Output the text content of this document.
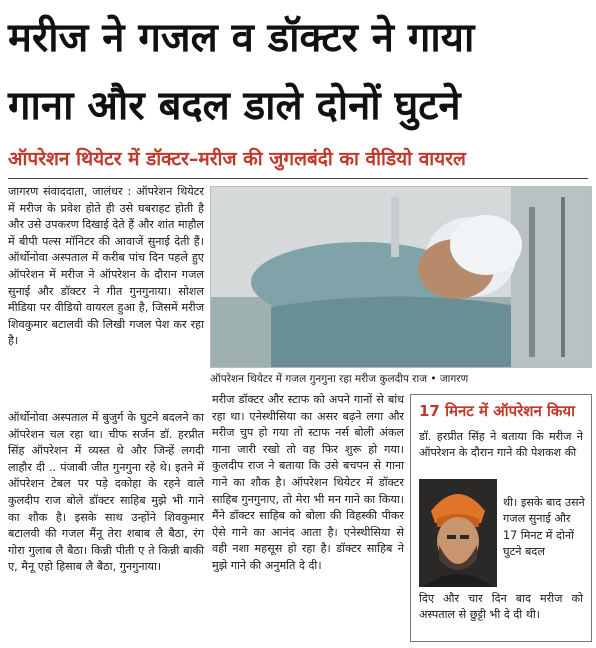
मरीज ने गजल व डॉक्टर ने गाया
गाना और बदल डाले दोनों घुटने
ऑपरेशन थियेटर में डॉक्टर–मरीज की जुगलबंदी का वीडियो वायरल
जागरण संवाददाता, जालंधर : ऑपरेशन थियेटर में मरीज के प्रवेश होते ही उसे घबराहट होती है और उसे उपकरण दिखाई देते हैं और शांत माहौल में बीपी पल्स मॉनिटर की आवाजें सुनाई देती हैं। ऑर्थोनोवा अस्पताल में करीब पांच दिन पहले हुए ऑपरेशन में मरीज ने ऑपरेशन के दौरान गजल सुनाई और डॉक्टर ने गीत गुनगुनाया। सोशल मीडिया पर वीडियो वायरल हुआ है, जिसमें मरीज शिवकुमार बटालवी की लिखी गजल पेश कर रहा है।
ऑपरेशन थियेटर में गजल गुनगुना रहा मरीज कुलदीप राज • जागरण
ऑर्थोनोवा अस्पताल में बुजुर्ग के घुटने बदलने का ऑपरेशन चल रहा था। चीफ सर्जन डॉ. हरप्रीत सिंह ऑपरेशन में व्यस्त थे और जिन्हें लगदी लाहौर दी .. पंजाबी जीत गुनगुना रहे थे। इतने में ऑपरेशन टेबल पर पड़े दकोहा के रहने वाले कुलदीप राज बोले डॉक्टर साहिब मुझे भी गाने का शौक है। इसके साथ उन्होंने शिवकुमार बटालवी की गजल मैंनू तेरा शबाब लै बैठा, रंग गोरा गुलाब लै बैठा। किन्नी पीती ए ते किन्नी बाकी ए, मैनू एहो हिसाब लै बैठा, गुनगुनाया।
मरीज डॉक्टर और स्टाफ को अपने गानों से बांध रहा था। एनेस्थीसिया का असर बढ़ने लगा और मरीज चुप हो गया तो स्टाफ नर्स बोली अंकल गाना जारी रखो तो वह फिर शुरू हो गया। कुलदीप राज ने बताया कि उसे बचपन से गाना गाने का शौक है। ऑपरेशन थियेटर में डॉक्टर साहिब गुनगुनाए, तो मेरा भी मन गाने का किया। मैंने डॉक्टर साहिब को बोला की विहस्की पीकर ऐसे गाने का आनंद आता है। एनेस्थीसिया से वही नशा महसूस हो रहा है। डॉक्टर साहिब ने मुझे गाने की अनुमति दे दी।
17 मिनट में ऑपरेशन किया
डॉ. हरप्रीत सिंह ने बताया कि मरीज ने ऑपरेशन के दौरान गाने की पेशकश की
थी। इसके बाद उसने गजल सुनाई और 17 मिनट में दोनों घुटने बदल
दिए और चार दिन बाद मरीज को अस्पताल से छुट्टी भी दे दी थी।
